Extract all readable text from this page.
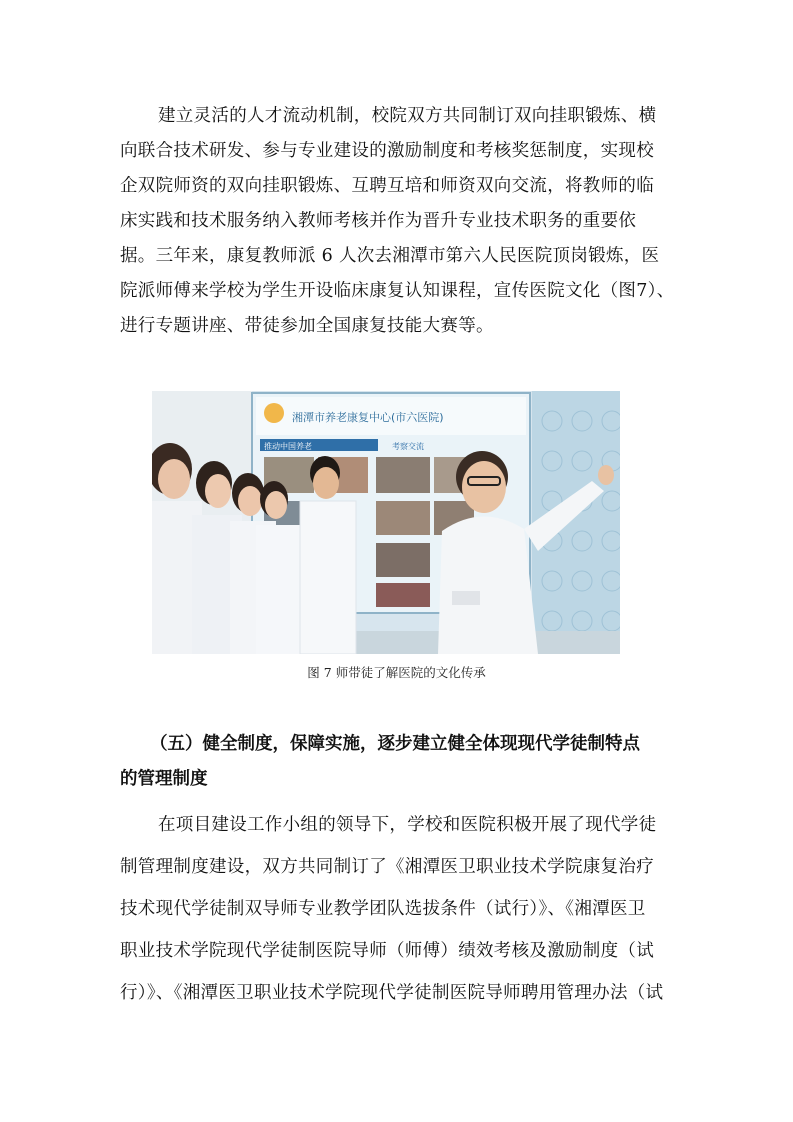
建立灵活的人才流动机制，校院双方共同制订双向挂职锻炼、横
向联合技术研发、参与专业建设的激励制度和考核奖惩制度，实现校
企双院师资的双向挂职锻炼、互聘互培和师资双向交流，将教师的临
床实践和技术服务纳入教师考核并作为晋升专业技术职务的重要依
据。三年来，康复教师派 6 人次去湘潭市第六人民医院顶岗锻炼，医
院派师傅来学校为学生开设临床康复认知课程，宣传医院文化（图7）、
进行专题讲座、带徒参加全国康复技能大赛等。
湘潭市养老康复中心(市六医院)
推动中国养老	考察交流
图 7 师带徒了解医院的文化传承
（五）健全制度，保障实施，逐步建立健全体现现代学徒制特点
的管理制度
在项目建设工作小组的领导下，学校和医院积极开展了现代学徒
制管理制度建设，双方共同制订了《湘潭医卫职业技术学院康复治疗
技术现代学徒制双导师专业教学团队选拔条件（试行）》、《湘潭医卫
职业技术学院现代学徒制医院导师（师傅）绩效考核及激励制度（试
行）》、《湘潭医卫职业技术学院现代学徒制医院导师聘用管理办法（试
